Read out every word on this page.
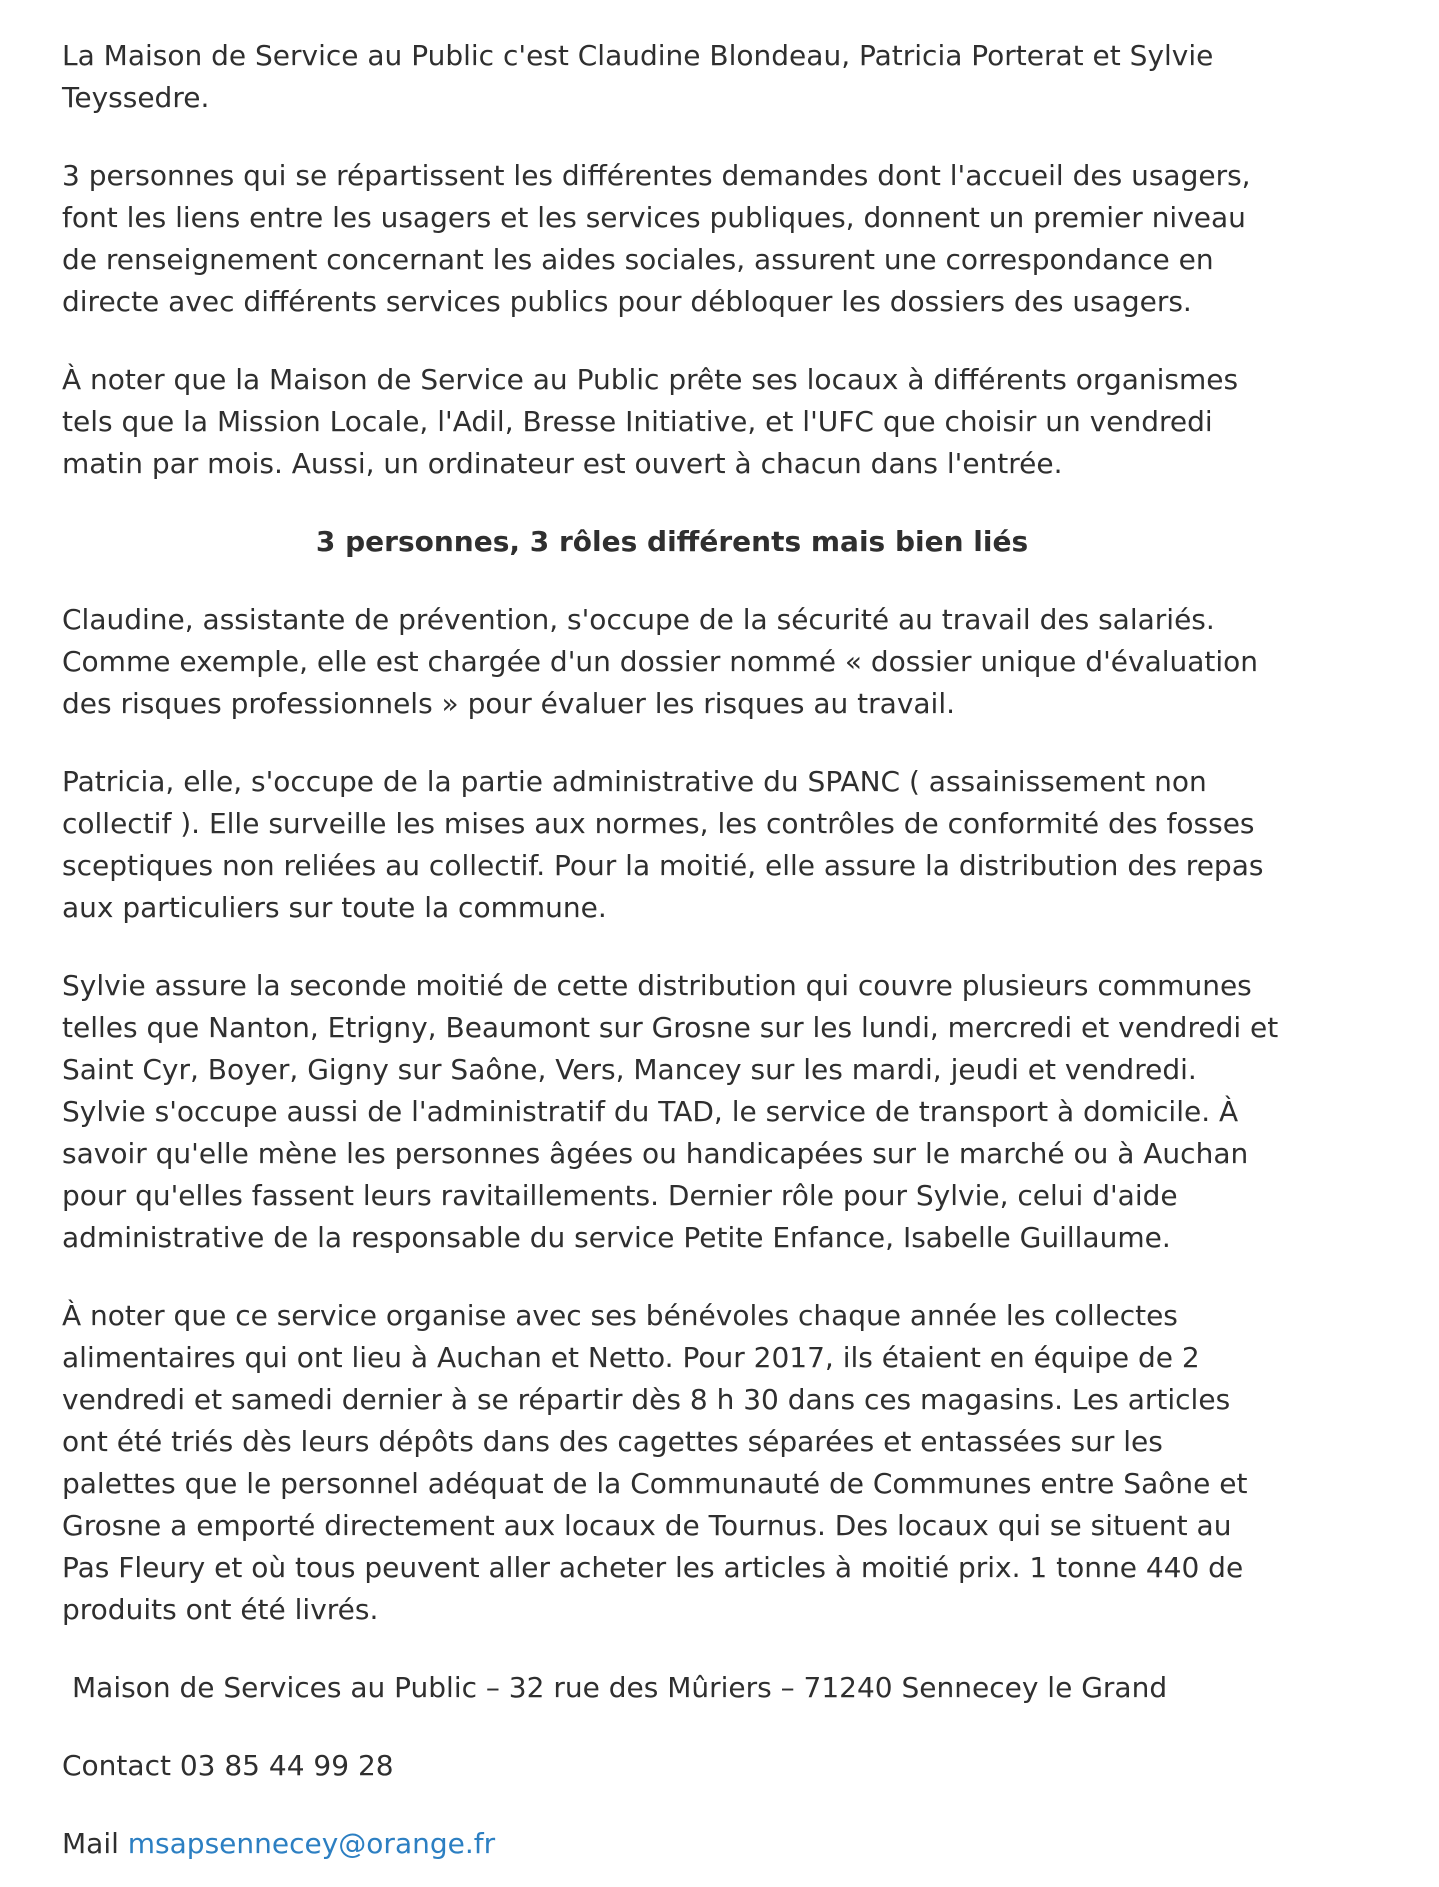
La Maison de Service au Public c'est Claudine Blondeau, Patricia Porterat et Sylvie Teyssedre.

3 personnes qui se répartissent les différentes demandes dont l'accueil des usagers, font les liens entre les usagers et les services publiques, donnent un premier niveau de renseignement concernant les aides sociales, assurent une correspondance en directe avec différents services publics pour débloquer les dossiers des usagers.

À noter que la Maison de Service au Public prête ses locaux à différents organismes tels que la Mission Locale, l'Adil, Bresse Initiative, et l'UFC que choisir un vendredi matin par mois. Aussi, un ordinateur est ouvert à chacun dans l'entrée.

3 personnes, 3 rôles différents mais bien liés

Claudine, assistante de prévention, s'occupe de la sécurité au travail des salariés. Comme exemple, elle est chargée d'un dossier nommé « dossier unique d'évaluation des risques professionnels » pour évaluer les risques au travail.

Patricia, elle, s'occupe de la partie administrative du SPANC ( assainissement non collectif ). Elle surveille les mises aux normes, les contrôles de conformité des fosses sceptiques non reliées au collectif. Pour la moitié, elle assure la distribution des repas aux particuliers sur toute la commune.

Sylvie assure la seconde moitié de cette distribution qui couvre plusieurs communes telles que Nanton, Etrigny, Beaumont sur Grosne sur les lundi, mercredi et vendredi et Saint Cyr, Boyer, Gigny sur Saône, Vers, Mancey sur les mardi, jeudi et vendredi. Sylvie s'occupe aussi de l'administratif du TAD, le service de transport à domicile. À savoir qu'elle mène les personnes âgées ou handicapées sur le marché ou à Auchan pour qu'elles fassent leurs ravitaillements. Dernier rôle pour Sylvie, celui d'aide administrative de la responsable du service Petite Enfance, Isabelle Guillaume.

À noter que ce service organise avec ses bénévoles chaque année les collectes alimentaires qui ont lieu à Auchan et Netto. Pour 2017, ils étaient en équipe de 2 vendredi et samedi dernier à se répartir dès 8 h 30 dans ces magasins. Les articles ont été triés dès leurs dépôts dans des cagettes séparées et entassées sur les palettes que le personnel adéquat de la Communauté de Communes entre Saône et Grosne a emporté directement aux locaux de Tournus. Des locaux qui se situent au Pas Fleury et où tous peuvent aller acheter les articles à moitié prix. 1 tonne 440 de produits ont été livrés.

Maison de Services au Public – 32 rue des Mûriers – 71240 Sennecey le Grand

Contact 03 85 44 99 28

Mail msapsennecey@orange.fr
